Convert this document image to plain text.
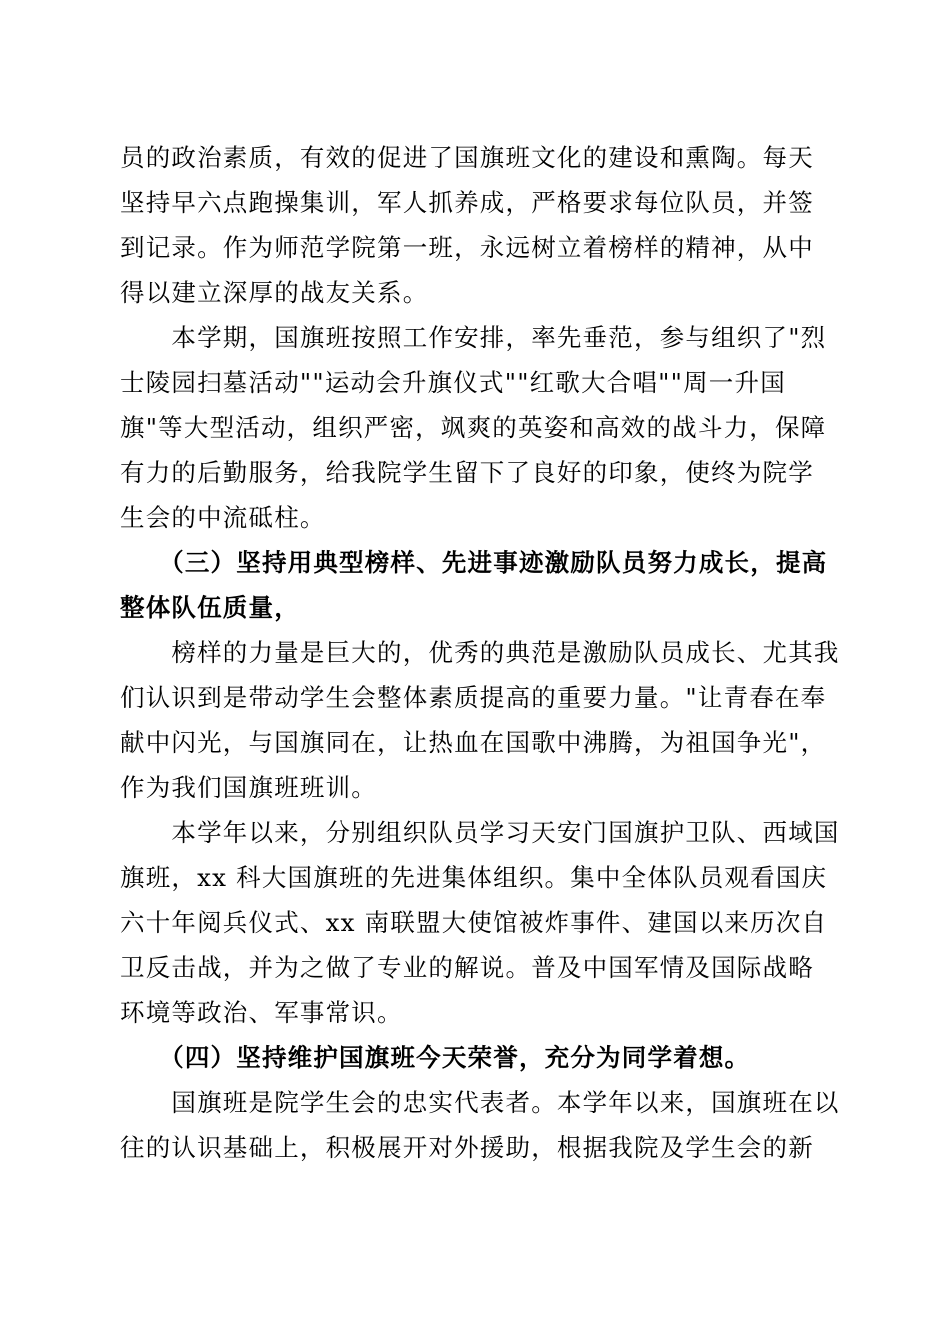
员的政治素质，有效的促进了国旗班文化的建设和熏陶。每天
坚持早六点跑操集训，军人抓养成，严格要求每位队员，并签
到记录。作为师范学院第一班，永远树立着榜样的精神，从中
得以建立深厚的战友关系。

　　本学期，国旗班按照工作安排，率先垂范，参与组织了"烈
士陵园扫墓活动""运动会升旗仪式""红歌大合唱""周一升国
旗"等大型活动，组织严密，飒爽的英姿和高效的战斗力，保障
有力的后勤服务，给我院学生留下了良好的印象，使终为院学
生会的中流砥柱。

　　（三）坚持用典型榜样、先进事迹激励队员努力成长，提高
整体队伍质量，

　　榜样的力量是巨大的，优秀的典范是激励队员成长、尤其我
们认识到是带动学生会整体素质提高的重要力量。"让青春在奉
献中闪光，与国旗同在，让热血在国歌中沸腾，为祖国争光"，
作为我们国旗班班训。

　　本学年以来，分别组织队员学习天安门国旗护卫队、西域国
旗班，xx 科大国旗班的先进集体组织。集中全体队员观看国庆
六十年阅兵仪式、xx 南联盟大使馆被炸事件、建国以来历次自
卫反击战，并为之做了专业的解说。普及中国军情及国际战略
环境等政治、军事常识。

　　（四）坚持维护国旗班今天荣誉，充分为同学着想。

　　国旗班是院学生会的忠实代表者。本学年以来，国旗班在以
往的认识基础上，积极展开对外援助，根据我院及学生会的新
